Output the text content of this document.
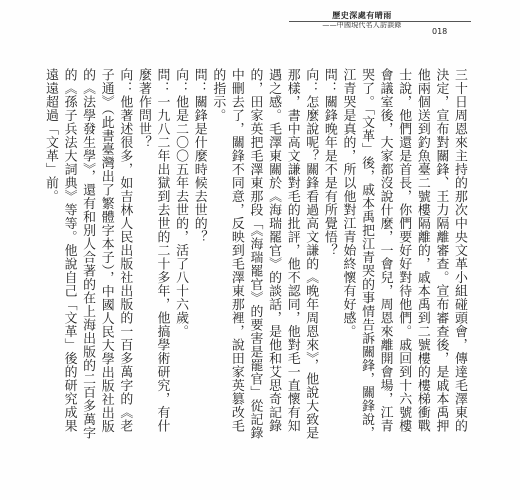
歷史深處有晴雨
——中國現代名人訪談錄
018

三十日周恩來主持的那次中央文革小組碰頭會，傳達毛澤東的決定，宣布對關鋒、王力隔離審查。宣布審查後，是戚本禹押他兩個送到釣魚臺二號樓隔離的，戚本禹到二號樓的樓梯衝戰士說，他們還是首長，你們要好好對待他們。戚回到十六號樓會議室後，大家都沒說什麼，一會兒，周恩來離開會場，江青哭了。「文革」後，戚本禹把江青哭的事情告訴關鋒，關鋒說，江青哭是真的，所以他對江青始終懷有好感。

問：關鋒晚年是不是有所覺悟？

向：怎麼說呢？關鋒看過高文謙的《晚年周恩來》，他說大致是那樣，書中高文謙對毛的批評，他不認同，他對毛一直懷有知遇之感。毛澤東關於《海瑞罷官》的談話，是他和艾思奇記錄的，田家英把毛澤東那段「《海瑞罷官》的要害是罷官」從記錄中刪去了，關鋒不同意，反映到毛澤東那裡，說田家英篡改毛的指示。

問：關鋒是什麼時候去世的？

向：他是二〇〇五年去世的，活了八十六歲。

問：一九八二年出獄到去世的二十多年，他搞學術研究，有什麼著作問世？

向：他著述很多，如吉林人民出版社出版的一百多萬字的《老子通》（此書臺灣出了繁體字本子），中國人民大學出版社出版的《法學發生學》，還有和別人合著的在上海出版的二百多萬字的《孫子兵法大詞典》等等。他說自己「文革」後的研究成果遠遠超過「文革」前。
